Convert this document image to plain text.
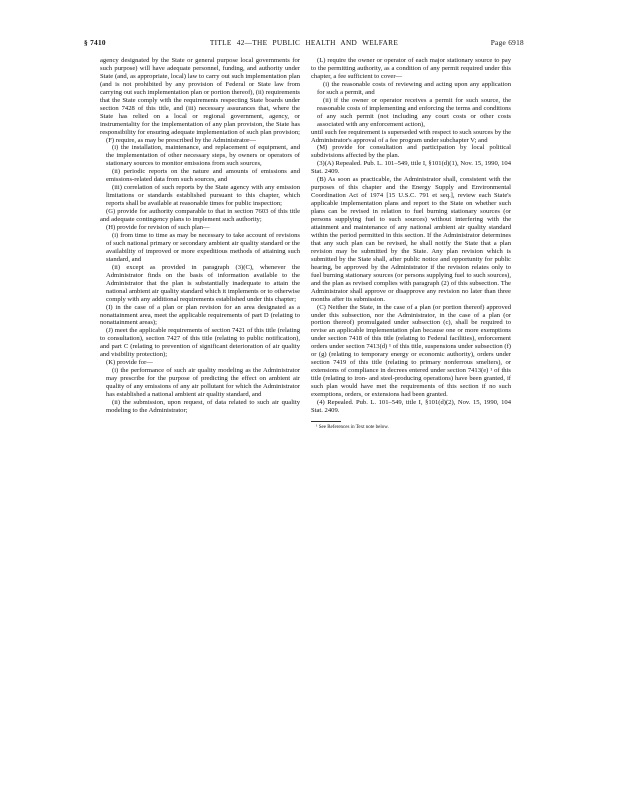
§ 7410	TITLE 42—THE PUBLIC HEALTH AND WELFARE	Page 6918

agency designated by the State or general purpose local governments for such purpose) will have adequate personnel, funding, and authority under State (and, as appropriate, local) law to carry out such implementation plan (and is not prohibited by any provision of Federal or State law from carrying out such implementation plan or portion thereof), (ii) requirements that the State comply with the requirements respecting State boards under section 7428 of this title, and (iii) necessary assurances that, where the State has relied on a local or regional government, agency, or instrumentality for the implementation of any plan provision, the State has responsibility for ensuring adequate implementation of such plan provision;

(F) require, as may be prescribed by the Administrator—

(i) the installation, maintenance, and replacement of equipment, and the implementation of other necessary steps, by owners or operators of stationary sources to monitor emissions from such sources,

(ii) periodic reports on the nature and amounts of emissions and emissions-related data from such sources, and

(iii) correlation of such reports by the State agency with any emission limitations or standards established pursuant to this chapter, which reports shall be available at reasonable times for public inspection;

(G) provide for authority comparable to that in section 7603 of this title and adequate contingency plans to implement such authority;

(H) provide for revision of such plan—

(i) from time to time as may be necessary to take account of revisions of such national primary or secondary ambient air quality standard or the availability of improved or more expeditious methods of attaining such standard, and

(ii) except as provided in paragraph (3)(C), whenever the Administrator finds on the basis of information available to the Administrator that the plan is substantially inadequate to attain the national ambient air quality standard which it implements or to otherwise comply with any additional requirements established under this chapter;

(I) in the case of a plan or plan revision for an area designated as a nonattainment area, meet the applicable requirements of part D (relating to nonattainment areas);

(J) meet the applicable requirements of section 7421 of this title (relating to consultation), section 7427 of this title (relating to public notification), and part C (relating to prevention of significant deterioration of air quality and visibility protection);

(K) provide for—

(i) the performance of such air quality modeling as the Administrator may prescribe for the purpose of predicting the effect on ambient air quality of any emissions of any air pollutant for which the Administrator has established a national ambient air quality standard, and

(ii) the submission, upon request, of data related to such air quality modeling to the Administrator;

(L) require the owner or operator of each major stationary source to pay to the permitting authority, as a condition of any permit required under this chapter, a fee sufficient to cover—

(i) the reasonable costs of reviewing and acting upon any application for such a permit, and

(ii) if the owner or operator receives a permit for such source, the reasonable costs of implementing and enforcing the terms and conditions of any such permit (not including any court costs or other costs associated with any enforcement action),

until such fee requirement is superseded with respect to such sources by the Administrator's approval of a fee program under subchapter V; and

(M) provide for consultation and participation by local political subdivisions affected by the plan.

(3)(A) Repealed. Pub. L. 101–549, title I, §101(d)(1), Nov. 15, 1990, 104 Stat. 2409.

(B) As soon as practicable, the Administrator shall, consistent with the purposes of this chapter and the Energy Supply and Environmental Coordination Act of 1974 [15 U.S.C. 791 et seq.], review each State's applicable implementation plans and report to the State on whether such plans can be revised in relation to fuel burning stationary sources (or persons supplying fuel to such sources) without interfering with the attainment and maintenance of any national ambient air quality standard within the period permitted in this section. If the Administrator determines that any such plan can be revised, he shall notify the State that a plan revision may be submitted by the State. Any plan revision which is submitted by the State shall, after public notice and opportunity for public hearing, be approved by the Administrator if the revision relates only to fuel burning stationary sources (or persons supplying fuel to such sources), and the plan as revised complies with paragraph (2) of this subsection. The Administrator shall approve or disapprove any revision no later than three months after its submission.

(C) Neither the State, in the case of a plan (or portion thereof) approved under this subsection, nor the Administrator, in the case of a plan (or portion thereof) promulgated under subsection (c), shall be required to revise an applicable implementation plan because one or more exemptions under section 7418 of this title (relating to Federal facilities), enforcement orders under section 7413(d) ¹ of this title, suspensions under subsection (f) or (g) (relating to temporary energy or economic authority), orders under section 7419 of this title (relating to primary nonferrous smelters), or extensions of compliance in decrees entered under section 7413(e) ¹ of this title (relating to iron- and steel-producing operations) have been granted, if such plan would have met the requirements of this section if no such exemptions, orders, or extensions had been granted.

(4) Repealed. Pub. L. 101–549, title I, §101(d)(2), Nov. 15, 1990, 104 Stat. 2409.

¹ See References in Text note below.
